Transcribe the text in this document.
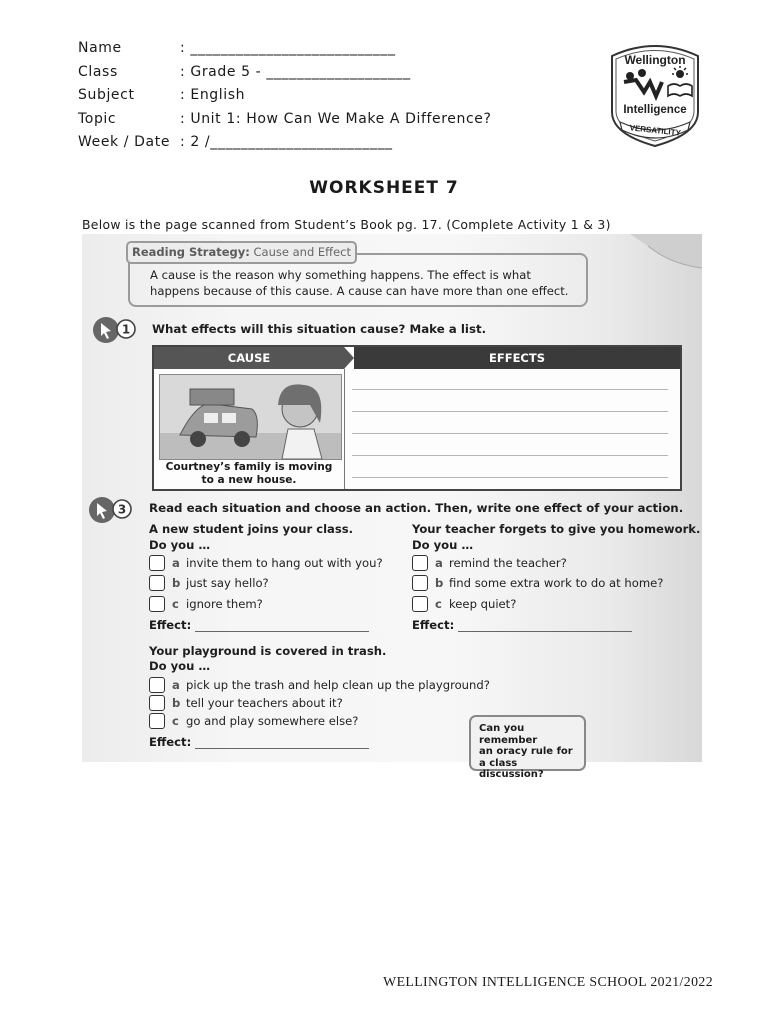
Name	: ___________________________
Class	: Grade 5 - ___________________
Subject	: English
Topic	: Unit 1: How Can We Make A Difference?
Week / Date : 2 /________________________
Wellington
Intelligence
VERSATILITY
WORKSHEET 7
Below is the page scanned from Student’s Book pg. 17. (Complete Activity 1 & 3)
Reading Strategy: Cause and Effect
A cause is the reason why something happens. The effect is what
happens because of this cause. A cause can have more than one effect.
1 What effects will this situation cause? Make a list.
CAUSE	EFFECTS
Courtney’s family is moving
to a new house.
3 Read each situation and choose an action. Then, write one effect of your action.
A new student joins your class.
Do you …
a invite them to hang out with you?
b just say hello?
c ignore them?
Effect:
Your teacher forgets to give you homework.
Do you …
a remind the teacher?
b find some extra work to do at home?
c keep quiet?
Effect:
Your playground is covered in trash.
Do you …
a pick up the trash and help clean up the playground?
b tell your teachers about it?
c go and play somewhere else?
Effect:
Can you remember
an oracy rule for
a class discussion?
WELLINGTON INTELLIGENCE SCHOOL 2021/2022
